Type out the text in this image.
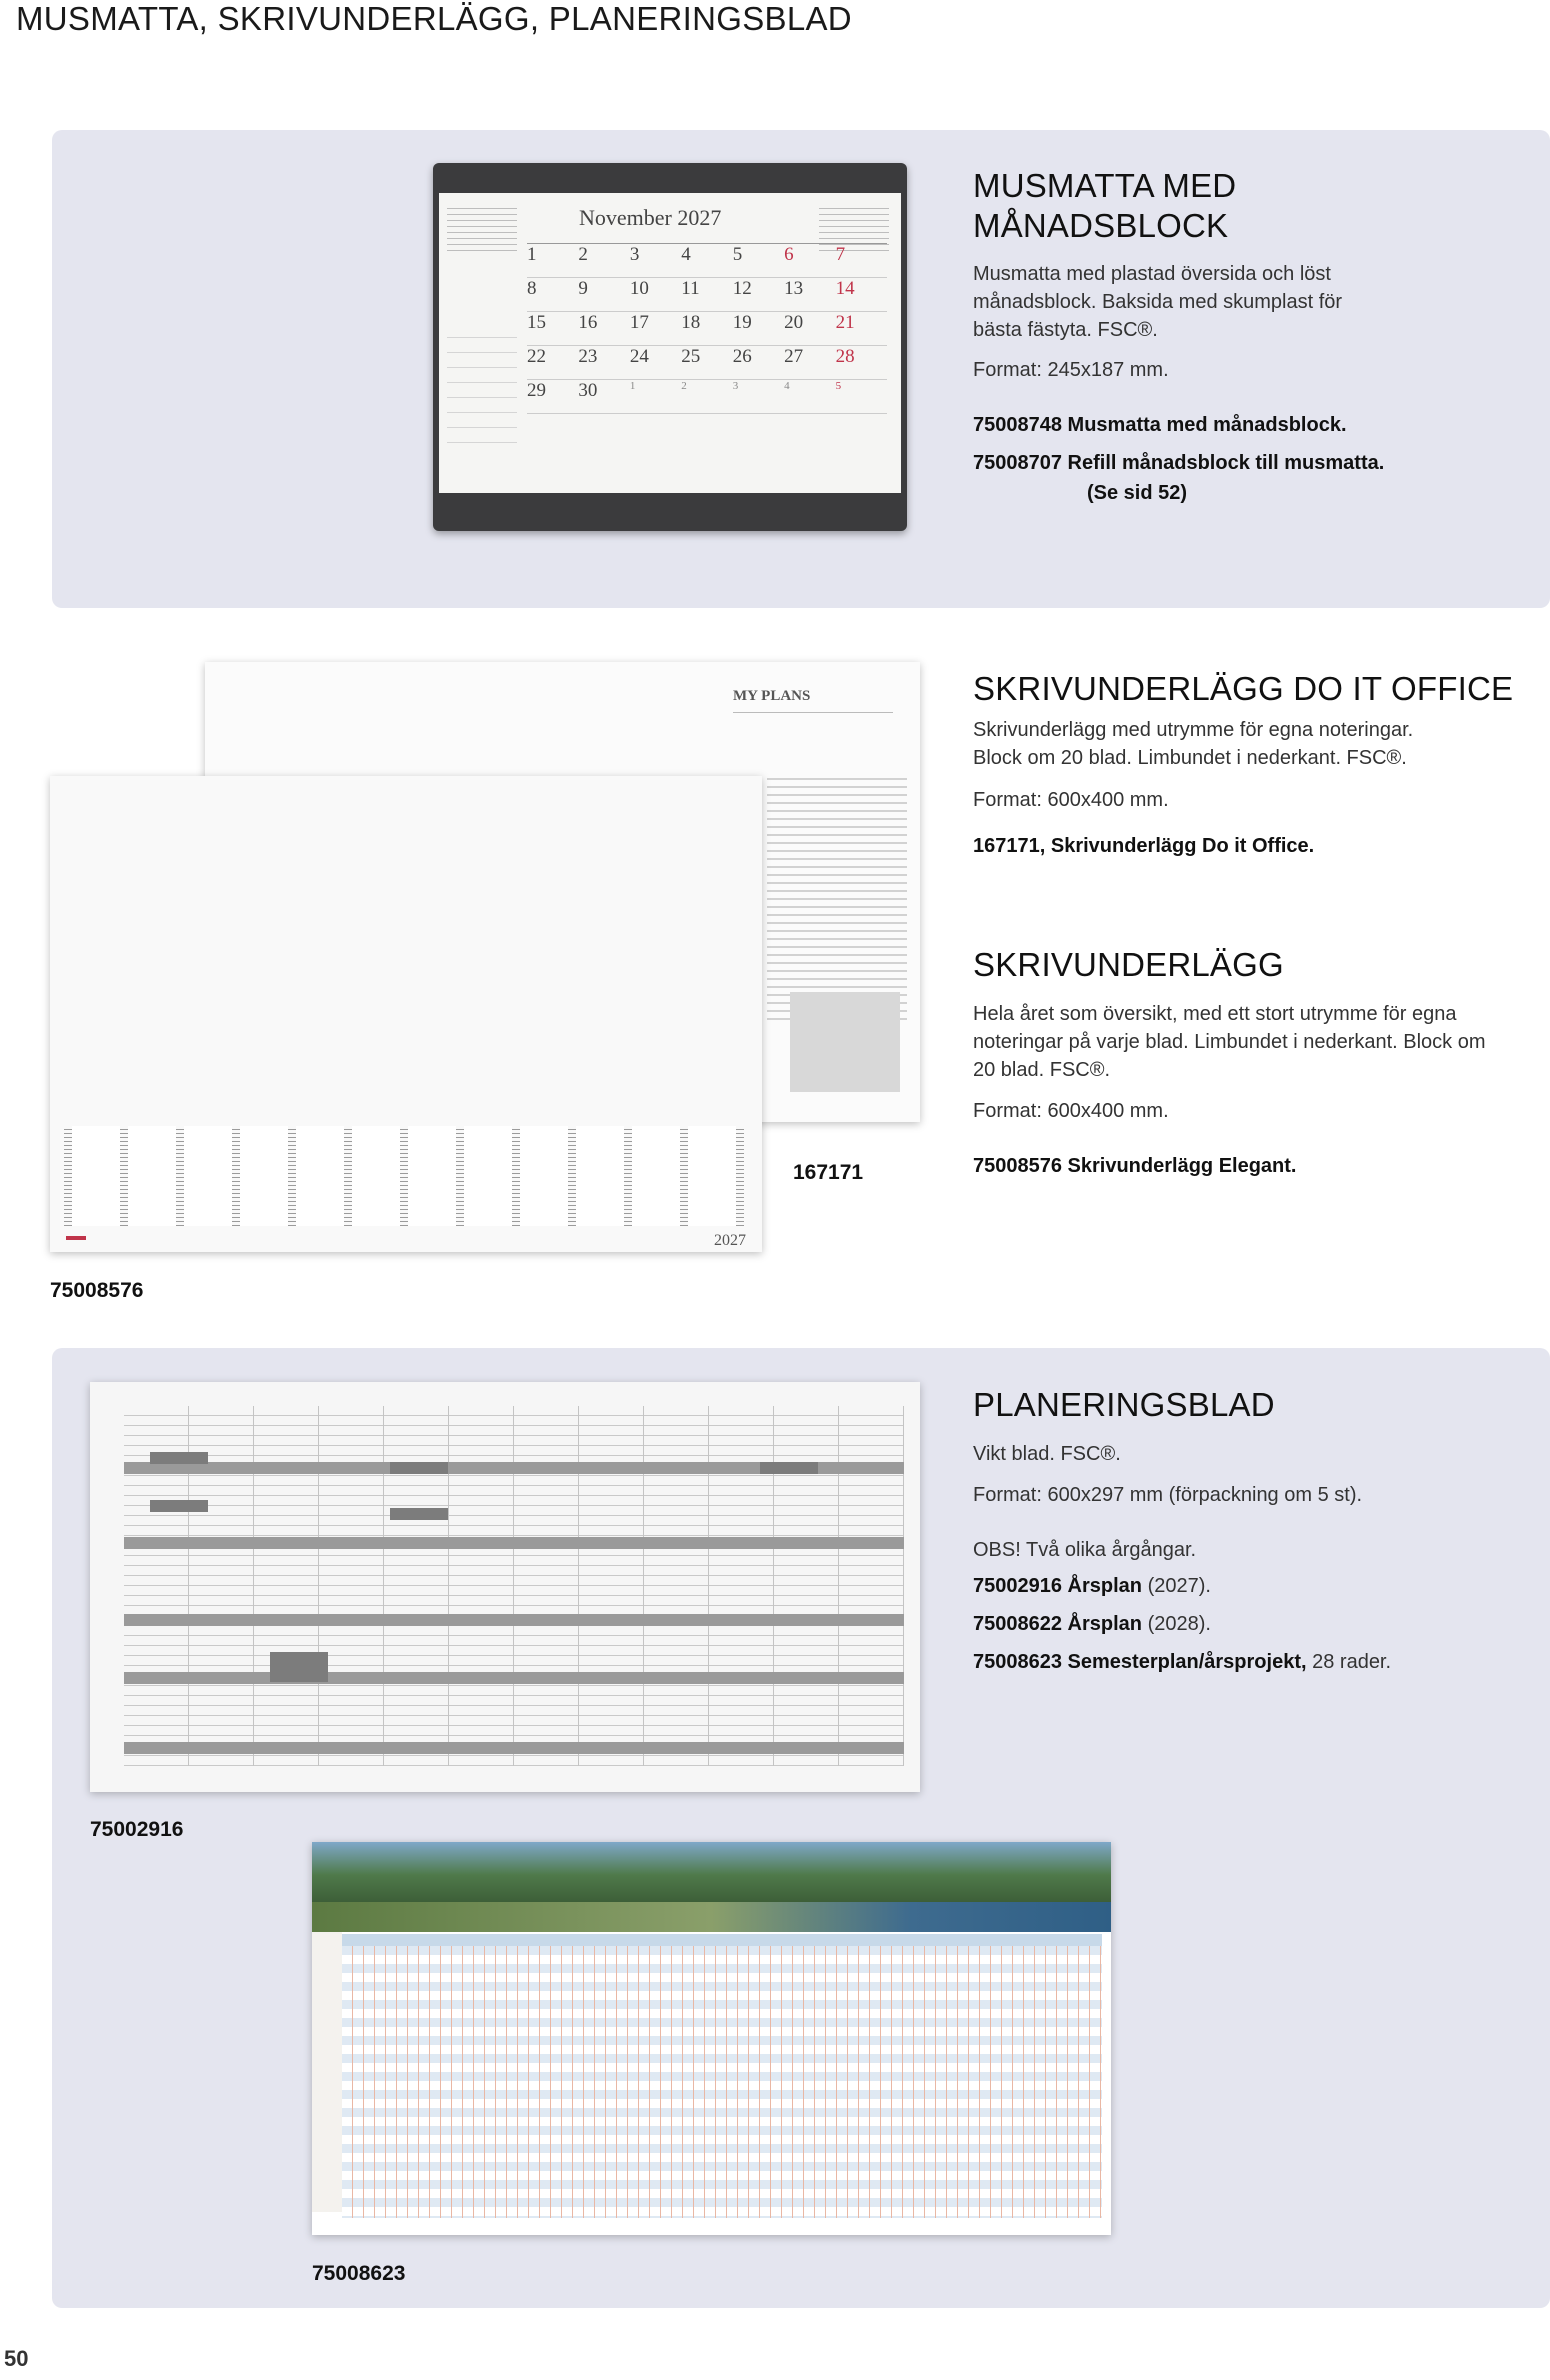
MUSMATTA, SKRIVUNDERLÄGG, PLANERINGSBLAD
November 2027
1	2	3	4	5	6	7
8	9	10	11	12	13	14
15	16	17	18	19	20	21
22	23	24	25	26	27	28
29	30	1	2	3	4	5
MUSMATTA MED MÅNADSBLOCK
Musmatta med plastad översida och löst månadsblock. Baksida med skumplast för bästa fästyta. FSC®.
Format: 245x187 mm.
75008748 Musmatta med månadsblock.
75008707 Refill månadsblock till musmatta.
(Se sid 52)
MY PLANS
2027
167171
75008576
SKRIVUNDERLÄGG DO IT OFFICE
Skrivunderlägg med utrymme för egna noteringar. Block om 20 blad. Limbundet i nederkant. FSC®.
Format: 600x400 mm.
167171, Skrivunderlägg Do it Office.
SKRIVUNDERLÄGG
Hela året som översikt, med ett stort utrymme för egna noteringar på varje blad. Limbundet i nederkant. Block om 20 blad. FSC®.
Format: 600x400 mm.
75008576 Skrivunderlägg Elegant.
75002916
75008623
PLANERINGSBLAD
Vikt blad. FSC®.
Format: 600x297 mm (förpackning om 5 st).
OBS! Två olika årgångar.
75002916 Årsplan (2027).
75008622 Årsplan (2028).
75008623 Semesterplan/årsprojekt, 28 rader.
50
